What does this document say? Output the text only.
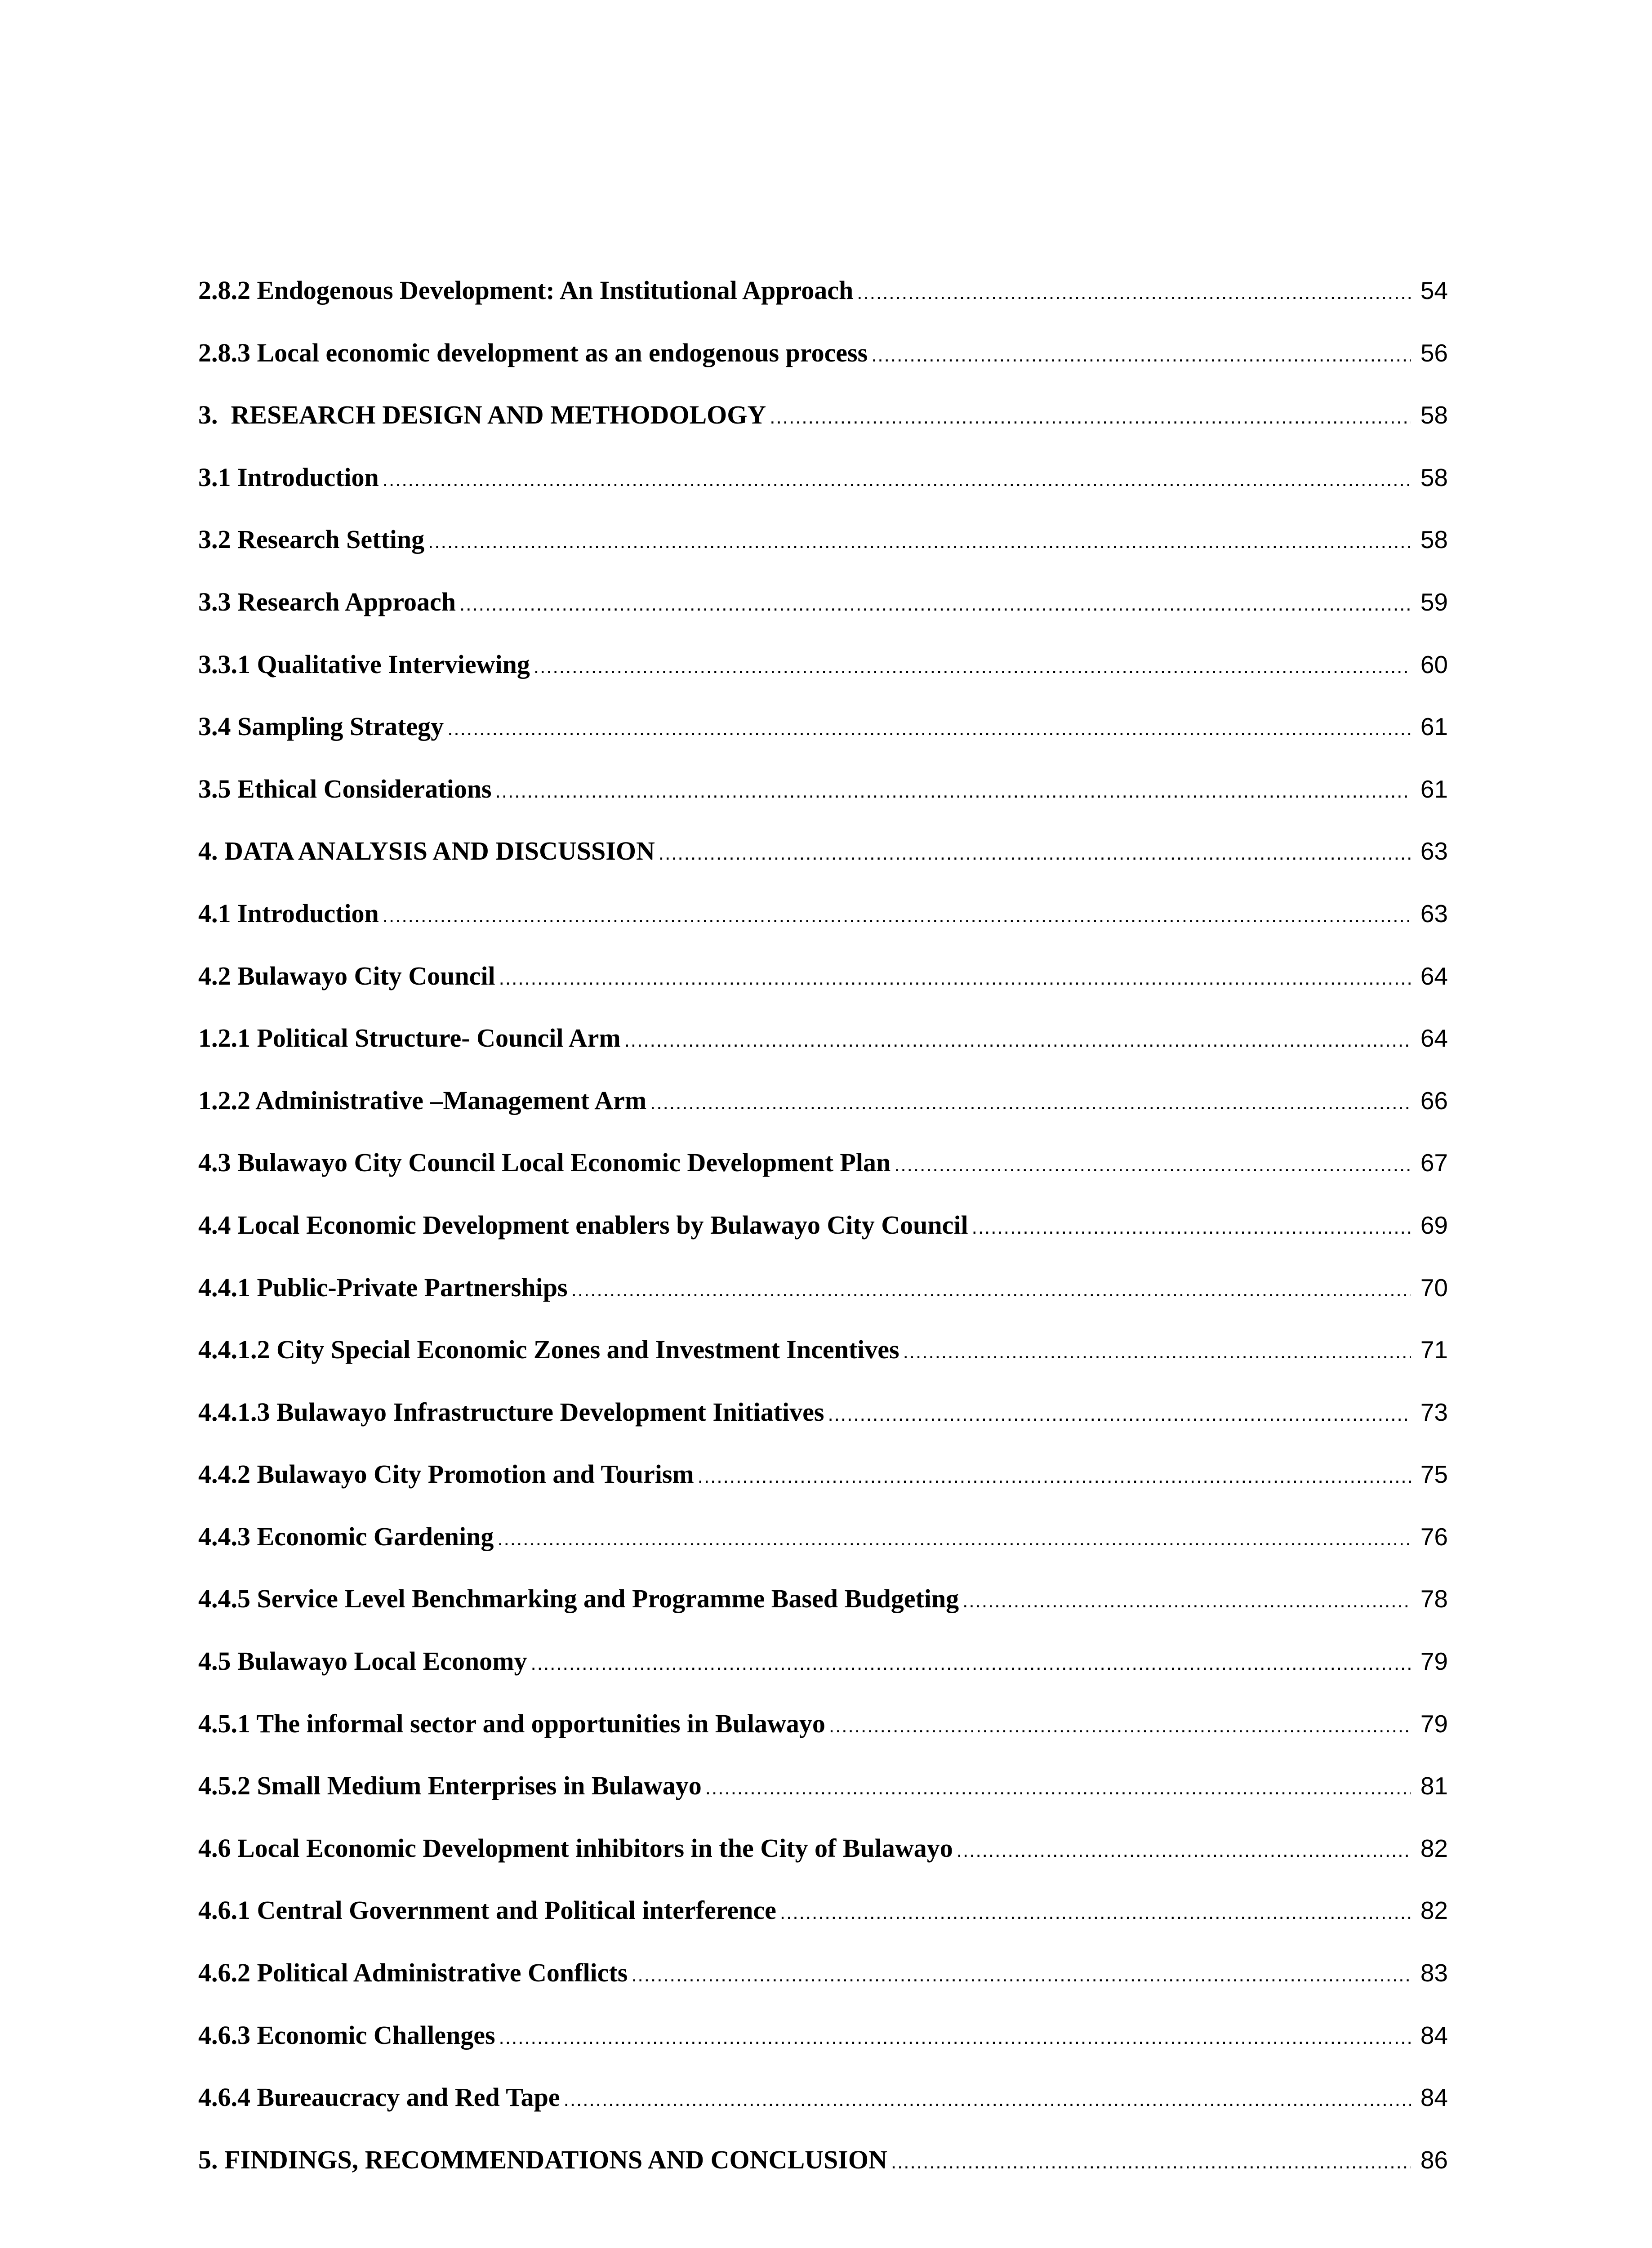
2.8.2 Endogenous Development: An Institutional Approach .....	54
2.8.3 Local economic development as an endogenous process .....	56
3.  RESEARCH DESIGN AND METHODOLOGY .....	58
3.1 Introduction .....	58
3.2 Research Setting .....	58
3.3 Research Approach .....	59
3.3.1 Qualitative Interviewing .....	60
3.4 Sampling Strategy .....	61
3.5 Ethical Considerations .....	61
4. DATA ANALYSIS AND DISCUSSION .....	63
4.1 Introduction .....	63
4.2 Bulawayo City Council .....	64
1.2.1 Political Structure- Council Arm .....	64
1.2.2 Administrative –Management Arm .....	66
4.3 Bulawayo City Council Local Economic Development Plan .....	67
4.4 Local Economic Development enablers by Bulawayo City Council .....	69
4.4.1 Public-Private Partnerships .....	70
4.4.1.2 City Special Economic Zones and Investment Incentives .....	71
4.4.1.3 Bulawayo Infrastructure Development Initiatives .....	73
4.4.2 Bulawayo City Promotion and Tourism .....	75
4.4.3 Economic Gardening .....	76
4.4.5 Service Level Benchmarking and Programme Based Budgeting .....	78
4.5 Bulawayo Local Economy .....	79
4.5.1 The informal sector and opportunities in Bulawayo .....	79
4.5.2 Small Medium Enterprises in Bulawayo .....	81
4.6 Local Economic Development inhibitors in the City of Bulawayo .....	82
4.6.1 Central Government and Political interference .....	82
4.6.2 Political Administrative Conflicts .....	83
4.6.3 Economic Challenges .....	84
4.6.4 Bureaucracy and Red Tape .....	84
5. FINDINGS, RECOMMENDATIONS AND CONCLUSION .....	86
